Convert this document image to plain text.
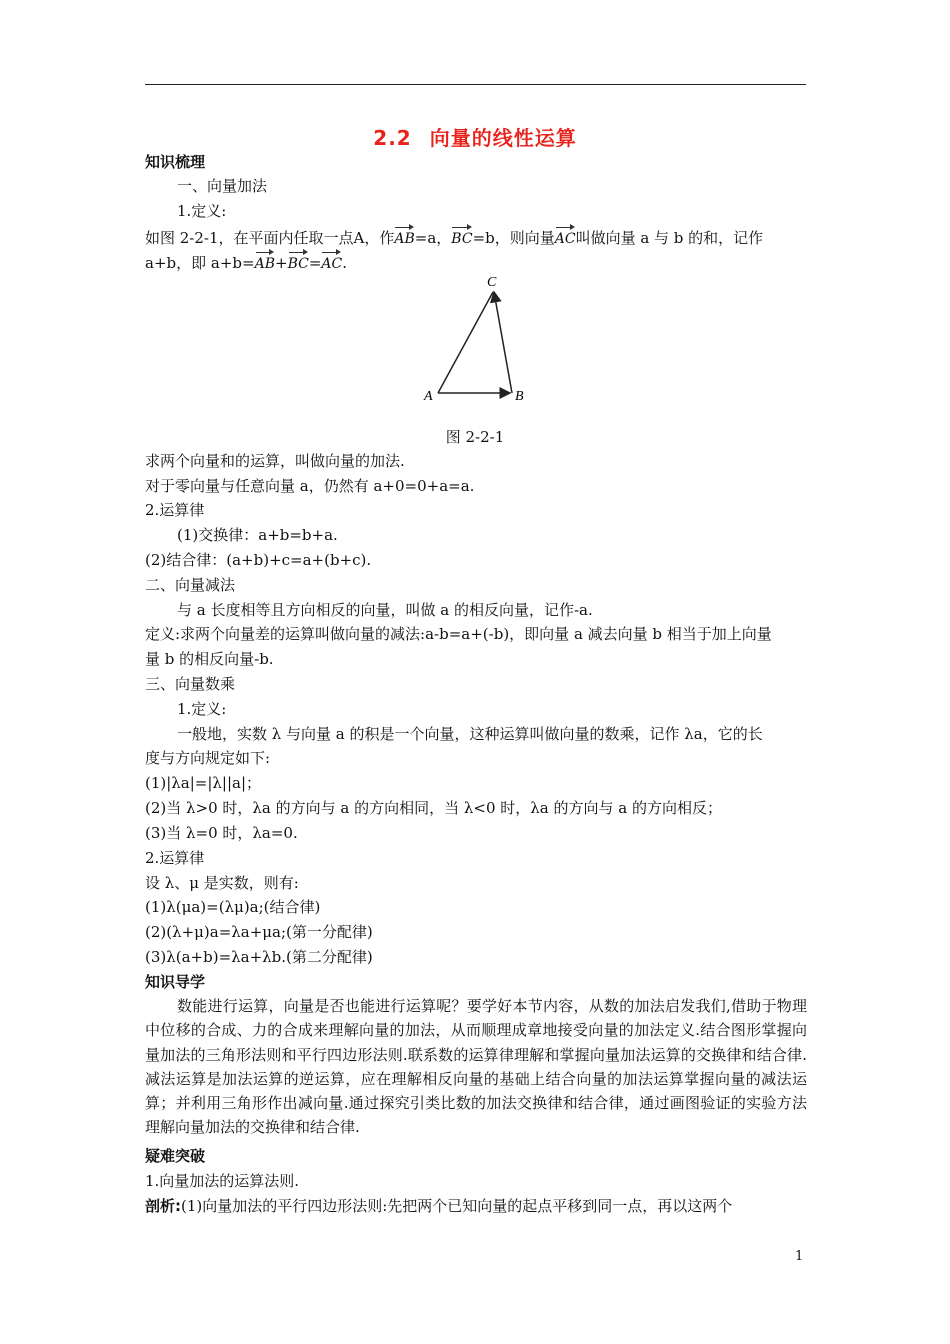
2.2 向量的线性运算
知识梳理
一、向量加法
1.定义:
如图 2-2-1，在平面内任取一点A，作AB=a，BC=b，则向量AC叫做向量 a 与 b 的和，记作
a+b，即 a+b=AB+BC=AC.
A	B
C
图 2-2-1
求两个向量和的运算，叫做向量的加法.
对于零向量与任意向量 a，仍然有 a+0=0+a=a.
2.运算律
(1)交换律：a+b=b+a.
(2)结合律：(a+b)+c=a+(b+c).
二、向量减法
与 a 长度相等且方向相反的向量，叫做 a 的相反向量，记作-a.
定义:求两个向量差的运算叫做向量的减法:a-b=a+(-b)，即向量 a 减去向量 b 相当于加上向量
量 b 的相反向量-b.
三、向量数乘
1.定义:
一般地，实数 λ 与向量 a 的积是一个向量，这种运算叫做向量的数乘，记作 λa，它的长
度与方向规定如下:
(1)|λa|=|λ||a|；
(2)当 λ>0 时，λa 的方向与 a 的方向相同，当 λ<0 时，λa 的方向与 a 的方向相反；
(3)当 λ=0 时，λa=0.
2.运算律
设 λ、μ 是实数，则有:
(1)λ(μa)=(λμ)a;(结合律)
(2)(λ+μ)a=λa+μa;(第一分配律)
(3)λ(a+b)=λa+λb.(第二分配律)
知识导学
数能进行运算，向量是否也能进行运算呢？要学好本节内容，从数的加法启发我们,借助于物理中位移的合成、力的合成来理解向量的加法，从而顺理成章地接受向量的加法定义.结合图形掌握向量加法的三角形法则和平行四边形法则.联系数的运算律理解和掌握向量加法运算的交换律和结合律.减法运算是加法运算的逆运算，应在理解相反向量的基础上结合向量的加法运算掌握向量的减法运算；并利用三角形作出减向量.通过探究引类比数的加法交换律和结合律，通过画图验证的实验方法理解向量加法的交换律和结合律.
疑难突破
1.向量加法的运算法则.
剖析:(1)向量加法的平行四边形法则:先把两个已知向量的起点平移到同一点，再以这两个
1
